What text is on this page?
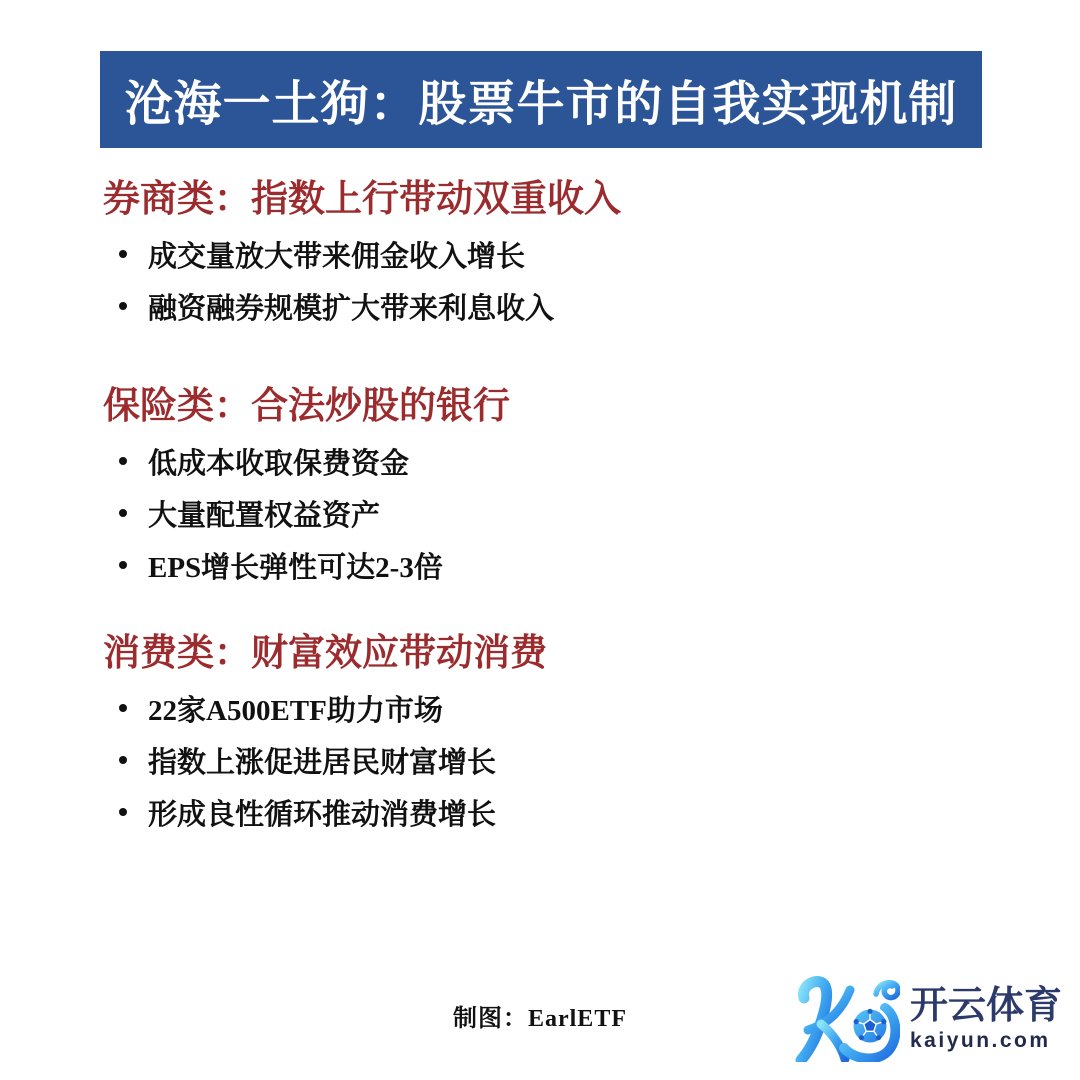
沧海一土狗：股票牛市的自我实现机制
券商类：指数上行带动双重收入
成交量放大带来佣金收入增长
融资融券规模扩大带来利息收入
保险类：合法炒股的银行
低成本收取保费资金
大量配置权益资产
EPS增长弹性可达2-3倍
消费类：财富效应带动消费
22家A500ETF助力市场
指数上涨促进居民财富增长
形成良性循环推动消费增长
制图：EarlETF	开云体育
kaiyun.com
